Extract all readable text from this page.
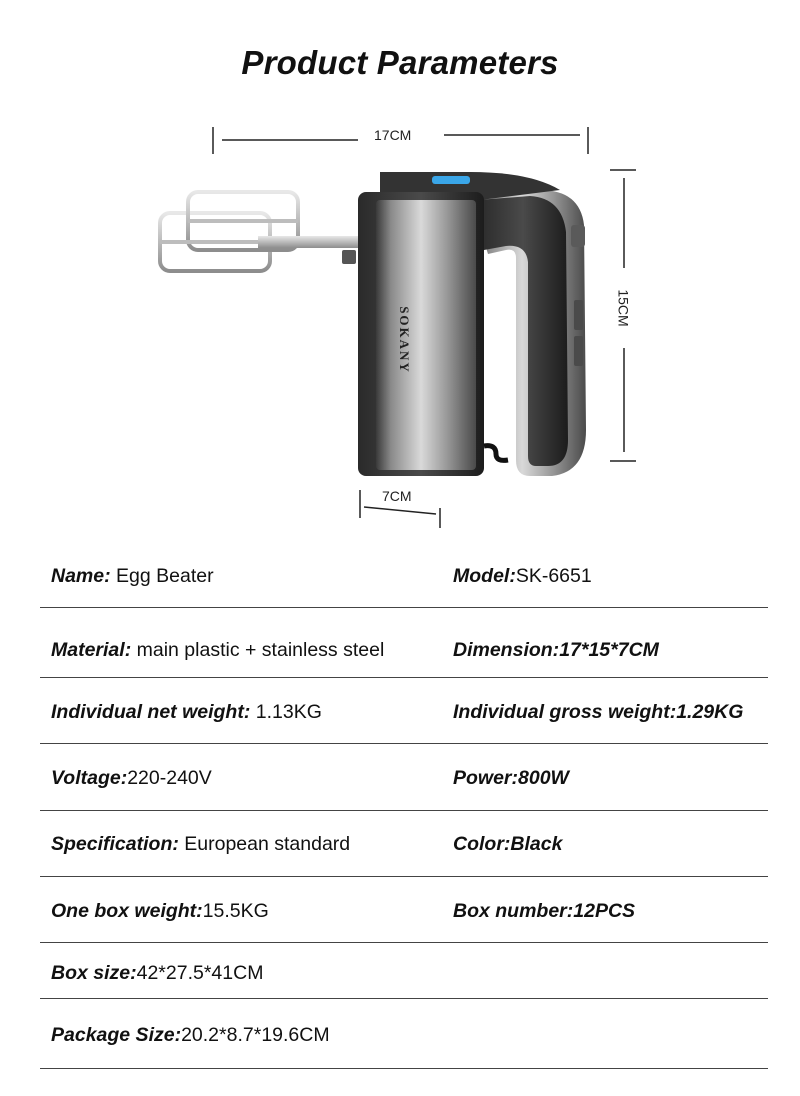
Product Parameters
SOKANY
17CM
15CM
7CM
Name: Egg Beater	Model:SK-6651
Material: main plastic + stainless steel	Dimension:17*15*7CM
Individual net weight: 1.13KG	Individual gross weight:1.29KG
Voltage:220-240V	Power:800W
Specification: European standard	Color:Black
One box weight:15.5KG	Box number:12PCS
Box size:42*27.5*41CM
Package Size:20.2*8.7*19.6CM
